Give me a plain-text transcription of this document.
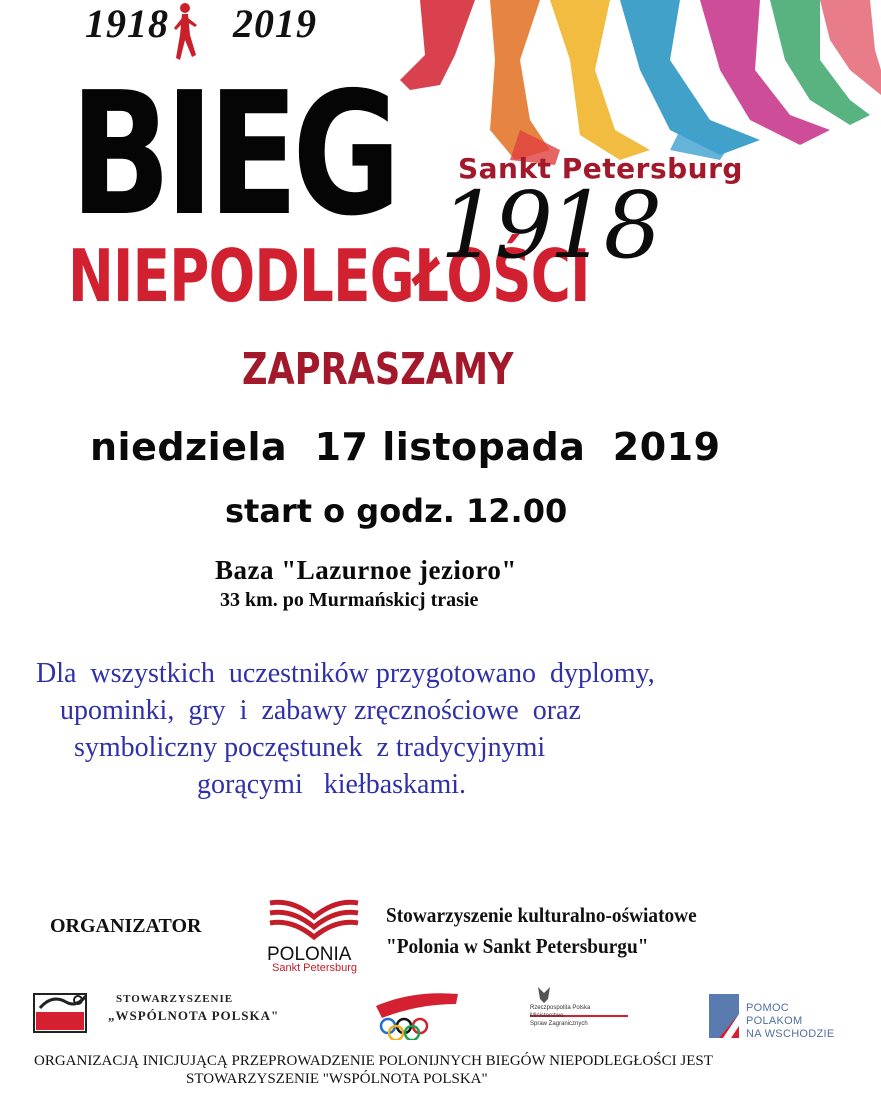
1918 2019
BIEG Sankt Petersburg
NIEPODLEGŁOŚCI
1918
ZAPRASZAMY
niedziela  17 listopada  2019
start o godz. 12.00
Baza "Lazurnoe jezioro"
33 km. po Murmańskicj trasie
Dla  wszystkich  uczestników przygotowano  dyplomy,
upominki,  gry  i  zabawy zręcznościowe  oraz
symboliczny poczęstunek  z tradycyjnymi
gorącymi   kiełbaskami.
ORGANIZATOR
POLONIA
Sankt Petersburg
Stowarzyszenie kulturalno-oświatowe
"Polonia w Sankt Petersburgu"
STOWARZYSZENIE
„WSPÓLNOTA POLSKA"	Rzeczpospolita Polska
Ministerstwo
Spraw Zagranicznych
POMOC
POLAKOM
NA WSCHODZIE
ORGANIZACJĄ INICJUJĄCĄ PRZEPROWADZENIE POLONIJNYCH BIEGÓW NIEPODLEGŁOŚCI JEST
STOWARZYSZENIE "WSPÓLNOTA POLSKA"
